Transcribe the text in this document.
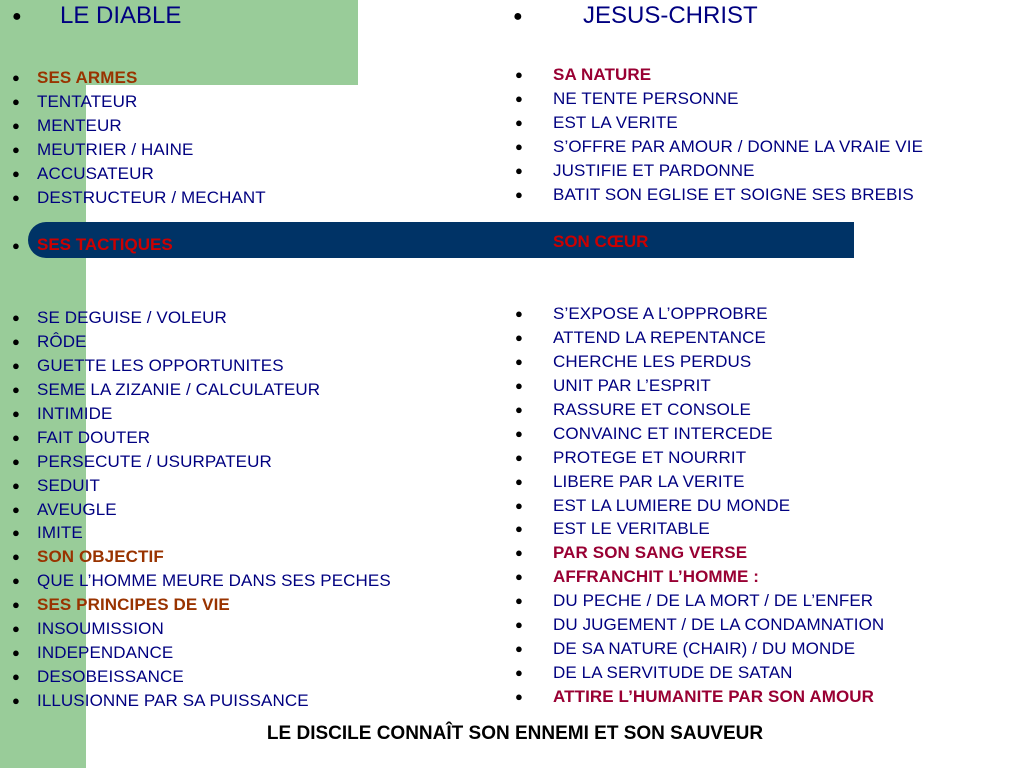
● LE DIABLE	●	JESUS-CHRIST
● SES ARMES
● TENTATEUR
● MENTEUR
● MEUTRIER / HAINE
● ACCUSATEUR
● DESTRUCTEUR / MECHANT
● SES TACTIQUES
● SE DEGUISE / VOLEUR
● RÔDE
● GUETTE LES OPPORTUNITES
● SEME LA ZIZANIE / CALCULATEUR
● INTIMIDE
● FAIT DOUTER
● PERSECUTE / USURPATEUR
● SEDUIT
● AVEUGLE
● IMITE
● SON OBJECTIF
● QUE L’HOMME MEURE DANS SES PECHES
● SES PRINCIPES DE VIE
● INSOUMISSION
● INDEPENDANCE
● DESOBEISSANCE
● ILLUSIONNE PAR SA PUISSANCE
● SA NATURE
● NE TENTE PERSONNE
● EST LA VERITE
● S’OFFRE PAR AMOUR / DONNE LA VRAIE VIE
● JUSTIFIE ET PARDONNE
● BATIT SON EGLISE ET SOIGNE SES BREBIS
SON CŒUR
● S’EXPOSE A L’OPPROBRE
● ATTEND LA REPENTANCE
● CHERCHE LES PERDUS
● UNIT PAR L’ESPRIT
● RASSURE ET CONSOLE
● CONVAINC ET INTERCEDE
● PROTEGE ET NOURRIT
● LIBERE PAR LA VERITE
● EST LA LUMIERE DU MONDE
● EST LE VERITABLE
● PAR SON SANG VERSE
● AFFRANCHIT L’HOMME :
● DU PECHE / DE LA MORT / DE L’ENFER
● DU JUGEMENT / DE LA CONDAMNATION
● DE SA NATURE (CHAIR) / DU MONDE
● DE LA SERVITUDE DE SATAN
● ATTIRE L’HUMANITE PAR SON AMOUR
LE DISCILE CONNAÎT SON ENNEMI ET SON SAUVEUR
